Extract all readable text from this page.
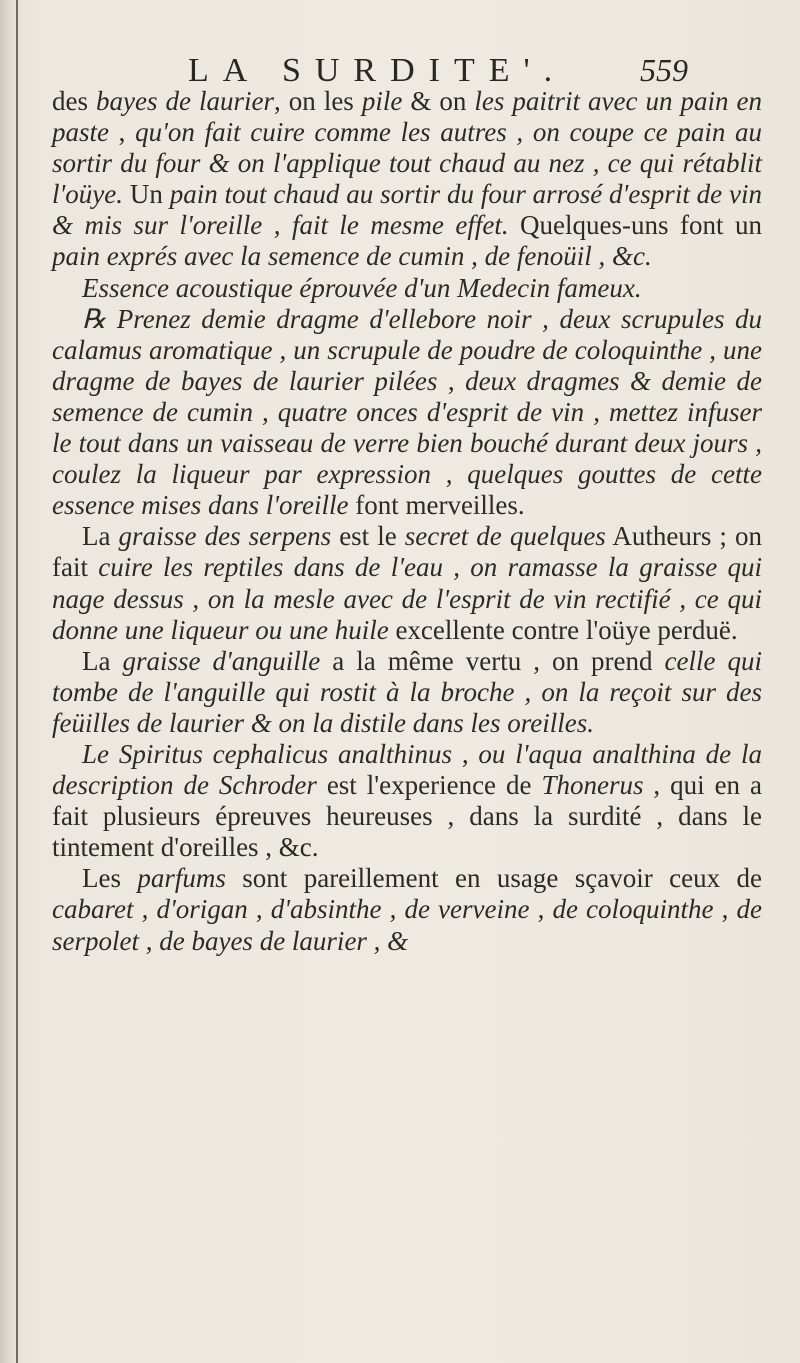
LA SURDITE'. 559

des bayes de laurier, on les pile & on les paitrit avec un pain en paste , qu'on fait cuire comme les autres , on coupe ce pain au sortir du four & on l'applique tout chaud au nez , ce qui rétablit l'oüye. Un pain tout chaud au sortir du four arrosé d'esprit de vin & mis sur l'oreille , fait le mesme effet. Quelques-uns font un pain exprés avec la semence de cumin , de fenoüil , &c.

Essence acoustique éprouvée d'un Medecin fameux.

℞ Prenez demie dragme d'ellebore noir , deux scrupules du calamus aromatique , un scrupule de poudre de coloquinthe , une dragme de bayes de laurier pilées , deux dragmes & demie de semence de cumin , quatre onces d'esprit de vin , mettez infuser le tout dans un vaisseau de verre bien bouché durant deux jours , coulez la liqueur par expression , quelques gouttes de cette essence mises dans l'oreille font merveilles.

La graisse des serpens est le secret de quelques Autheurs ; on fait cuire les reptiles dans de l'eau , on ramasse la graisse qui nage dessus , on la mesle avec de l'esprit de vin rectifié , ce qui donne une liqueur ou une huile excellente contre l'oüye perduë.

La graisse d'anguille a la même vertu , on prend celle qui tombe de l'anguille qui rostit à la broche , on la reçoit sur des feüilles de laurier & on la distile dans les oreilles.

Le Spiritus cephalicus analthinus , ou l'aqua analthina de la description de Schroder est l'experience de Thonerus , qui en a fait plusieurs épreuves heureuses , dans la surdité , dans le tintement d'oreilles , &c.

Les parfums sont pareillement en usage sçavoir ceux de cabaret , d'origan , d'absinthe , de verveine , de coloquinthe , de serpolet , de bayes de laurier , &
